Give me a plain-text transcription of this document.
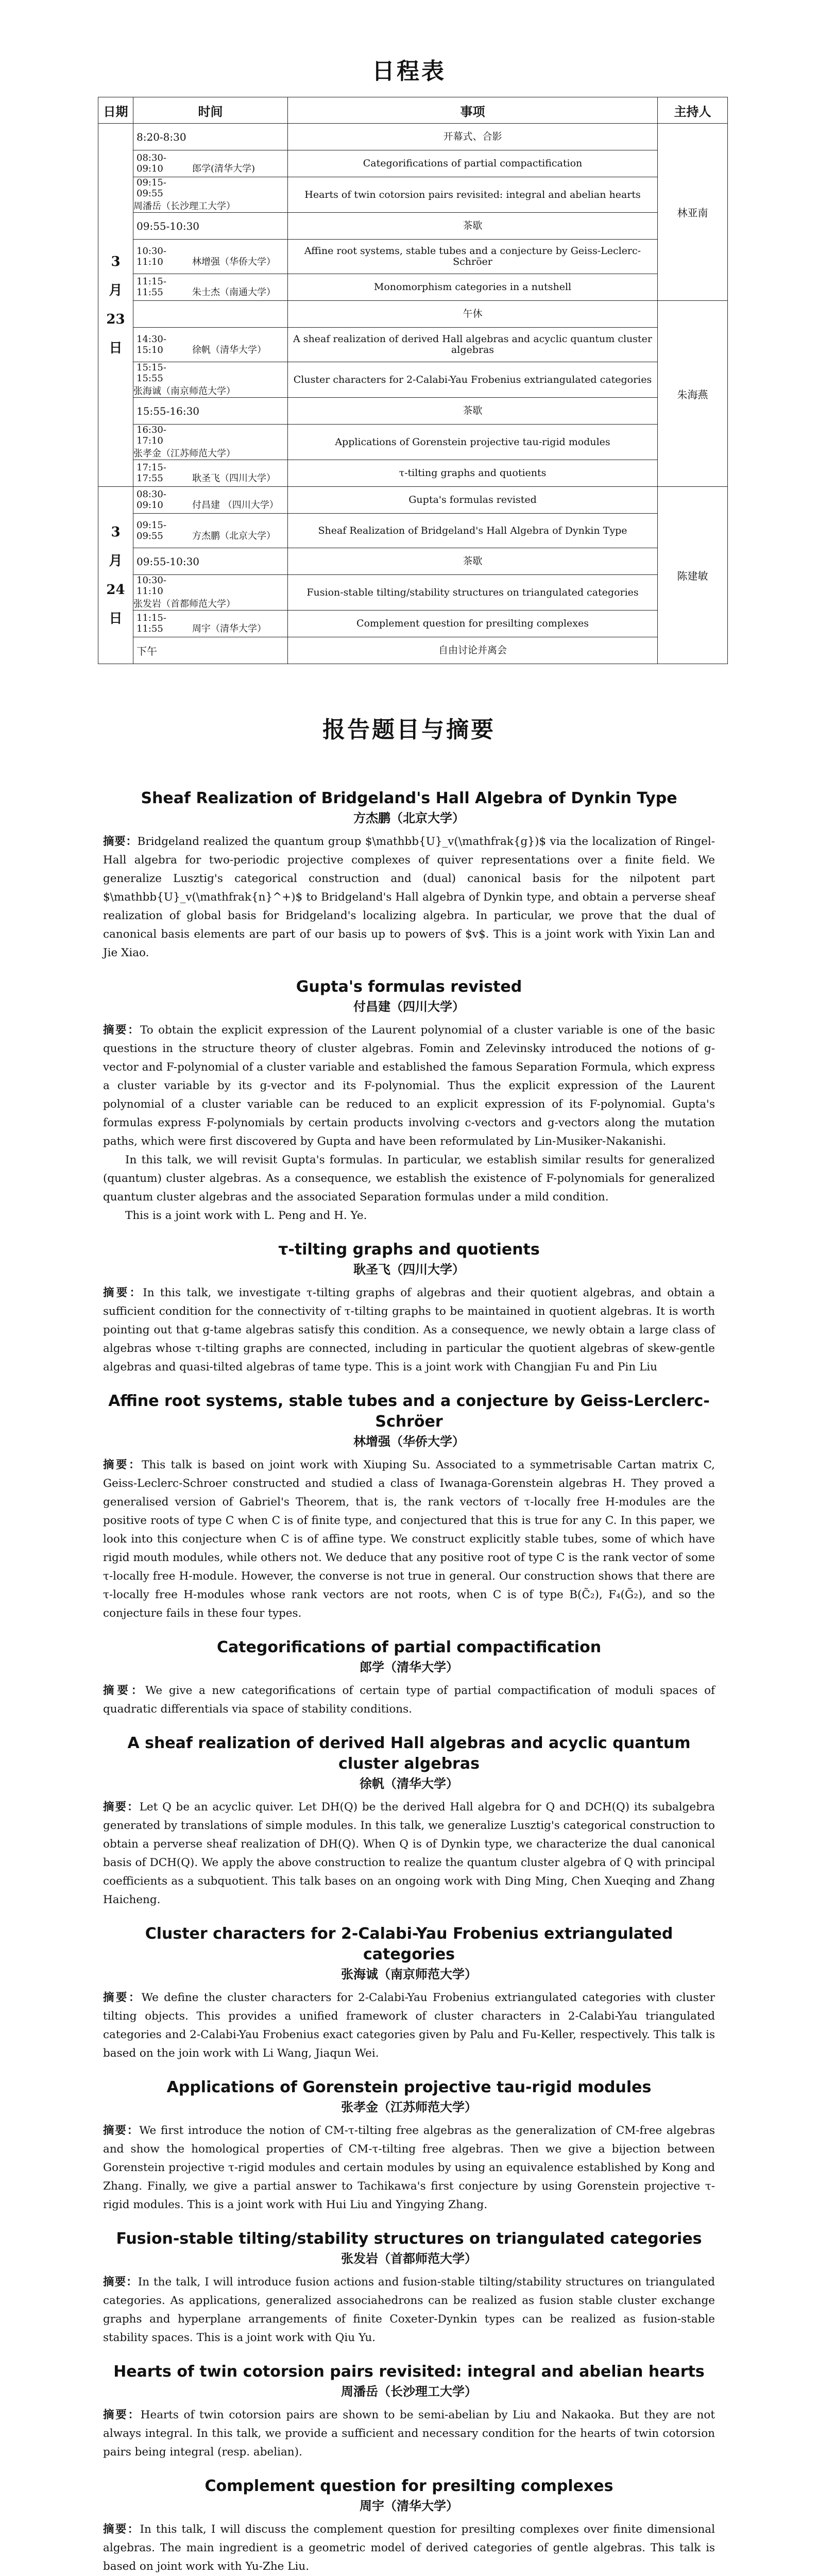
日程表
日期	时间	事项	主持人
3
月
23
日	8:20-8:30	开幕式、合影	林亚南
	08:30-09:10 郎学(清华大学)	Categorifications of partial compactification	
	09:15-09:55周潘岳（长沙理工大学）	Hearts of twin cotorsion pairs revisited: integral and abelian hearts	
	09:55-10:30	茶歇	
	10:30-11:10 林增强（华侨大学）	Affine root systems, stable tubes and a conjecture by Geiss-Leclerc-Schröer	
	11:15-11:55 朱士杰（南通大学）	Monomorphism categories in a nutshell	
		午休	朱海燕
	14:30-15:10 徐帆（清华大学）	A sheaf realization of derived Hall algebras and acyclic quantum cluster algebras	
	15:15-15:55张海诚（南京师范大学）	Cluster characters for 2-Calabi-Yau Frobenius extriangulated categories	
	15:55-16:30	茶歇	
	16:30-17:10张孝金（江苏师范大学）	Applications of Gorenstein projective tau-rigid modules	
	17:15-17:55 耿圣飞（四川大学）	τ-tilting graphs and quotients	
3
月
24
日	08:30-09:10 付昌建 （四川大学）	Gupta's formulas revisted	陈建敏
	09:15-09:55 方杰鹏（北京大学）	Sheaf Realization of Bridgeland's Hall Algebra of Dynkin Type	
	09:55-10:30	茶歇	
	10:30-11:10张发岩（首都师范大学）	Fusion-stable tilting/stability structures on triangulated categories	
	11:15-11:55 周宇（清华大学）	Complement question for presilting complexes	
	下午	自由讨论并离会	
报告题目与摘要
Sheaf Realization of Bridgeland's Hall Algebra of Dynkin Type
方杰鹏（北京大学）

摘要：Bridgeland realized the quantum group $\mathbb{U}_v(\mathfrak{g})$ via the localization of Ringel-Hall algebra for two-periodic projective complexes of quiver representations over a finite field. We generalize Lusztig's categorical construction and (dual) canonical basis for the nilpotent part $\mathbb{U}_v(\mathfrak{n}^+)$ to Bridgeland's Hall algebra of Dynkin type, and obtain a perverse sheaf realization of global basis for Bridgeland's localizing algebra. In particular, we prove that the dual of canonical basis elements are part of our basis up to powers of $v$. This is a joint work with Yixin Lan and Jie Xiao.

Gupta's formulas revisted
付昌建（四川大学）

摘要：To obtain the explicit expression of the Laurent polynomial of a cluster variable is one of the basic questions in the structure theory of cluster algebras. Fomin and Zelevinsky introduced the notions of g-vector and F-polynomial of a cluster variable and established the famous Separation Formula, which express a cluster variable by its g-vector and its F-polynomial. Thus the explicit expression of the Laurent polynomial of a cluster variable can be reduced to an explicit expression of its F-polynomial. Gupta's formulas express F-polynomials by certain products involving c-vectors and g-vectors along the mutation paths, which were first discovered by Gupta and have been reformulated by Lin-Musiker-Nakanishi.

In this talk, we will revisit Gupta's formulas. In particular, we establish similar results for generalized (quantum) cluster algebras. As a consequence, we establish the existence of F-polynomials for generalized quantum cluster algebras and the associated Separation formulas under a mild condition.

This is a joint work with L. Peng and H. Ye.

τ-tilting graphs and quotients
耿圣飞（四川大学）

摘要：In this talk, we investigate τ-tilting graphs of algebras and their quotient algebras, and obtain a sufficient condition for the connectivity of τ-tilting graphs to be maintained in quotient algebras. It is worth pointing out that g-tame algebras satisfy this condition. As a consequence, we newly obtain a large class of algebras whose τ-tilting graphs are connected, including in particular the quotient algebras of skew-gentle algebras and quasi-tilted algebras of tame type. This is a joint work with Changjian Fu and Pin Liu

Affine root systems, stable tubes and a conjecture by Geiss-Lerclerc-Schröer
林增强（华侨大学）

摘要：This talk is based on joint work with Xiuping Su. Associated to a symmetrisable Cartan matrix C, Geiss-Leclerc-Schroer constructed and studied a class of Iwanaga-Gorenstein algebras H. They proved a generalised version of Gabriel's Theorem, that is, the rank vectors of τ-locally free H-modules are the positive roots of type C when C is of finite type, and conjectured that this is true for any C. In this paper, we look into this conjecture when C is of affine type. We construct explicitly stable tubes, some of which have rigid mouth modules, while others not. We deduce that any positive root of type C is the rank vector of some τ-locally free H-module. However, the converse is not true in general. Our construction shows that there are τ-locally free H-modules whose rank vectors are not roots, when C is of type B(C̃₂), F₄(G̃₂), and so the conjecture fails in these four types.

Categorifications of partial compactification
郎学（清华大学）

摘要：We give a new categorifications of certain type of partial compactification of moduli spaces of quadratic differentials via space of stability conditions.

A sheaf realization of derived Hall algebras and acyclic quantum cluster algebras
徐帆（清华大学）

摘要：Let Q be an acyclic quiver. Let DH(Q) be the derived Hall algebra for Q and DCH(Q) its subalgebra generated by translations of simple modules. In this talk, we generalize Lusztig's categorical construction to obtain a perverse sheaf realization of DH(Q). When Q is of Dynkin type, we characterize the dual canonical basis of DCH(Q). We apply the above construction to realize the quantum cluster algebra of Q with principal coefficients as a subquotient. This talk bases on an ongoing work with Ding Ming, Chen Xueqing and Zhang Haicheng.

Cluster characters for 2-Calabi-Yau Frobenius extriangulated categories
张海诚（南京师范大学）

摘要：We define the cluster characters for 2-Calabi-Yau Frobenius extriangulated categories with cluster tilting objects. This provides a unified framework of cluster characters in 2-Calabi-Yau triangulated categories and 2-Calabi-Yau Frobenius exact categories given by Palu and Fu-Keller, respectively. This talk is based on the join work with Li Wang, Jiaqun Wei.

Applications of Gorenstein projective tau-rigid modules
张孝金（江苏师范大学）

摘要：We first introduce the notion of CM-τ-tilting free algebras as the generalization of CM-free algebras and show the homological properties of CM-τ-tilting free algebras. Then we give a bijection between Gorenstein projective τ-rigid modules and certain modules by using an equivalence established by Kong and Zhang. Finally, we give a partial answer to Tachikawa's first conjecture by using Gorenstein projective τ-rigid modules. This is a joint work with Hui Liu and Yingying Zhang.

Fusion-stable tilting/stability structures on triangulated categories
张发岩（首都师范大学）

摘要：In the talk, I will introduce fusion actions and fusion-stable tilting/stability structures on triangulated categories. As applications, generalized associahedrons can be realized as fusion stable cluster exchange graphs and hyperplane arrangements of finite Coxeter-Dynkin types can be realized as fusion-stable stability spaces. This is a joint work with Qiu Yu.

Hearts of twin cotorsion pairs revisited: integral and abelian hearts
周潘岳（长沙理工大学）

摘要：Hearts of twin cotorsion pairs are shown to be semi-abelian by Liu and Nakaoka. But they are not always integral. In this talk, we provide a sufficient and necessary condition for the hearts of twin cotorsion pairs being integral (resp. abelian).

Complement question for presilting complexes
周宇（清华大学）

摘要：In this talk, I will discuss the complement question for presilting complexes over finite dimensional algebras. The main ingredient is a geometric model of derived categories of gentle algebras. This talk is based on joint work with Yu-Zhe Liu.
